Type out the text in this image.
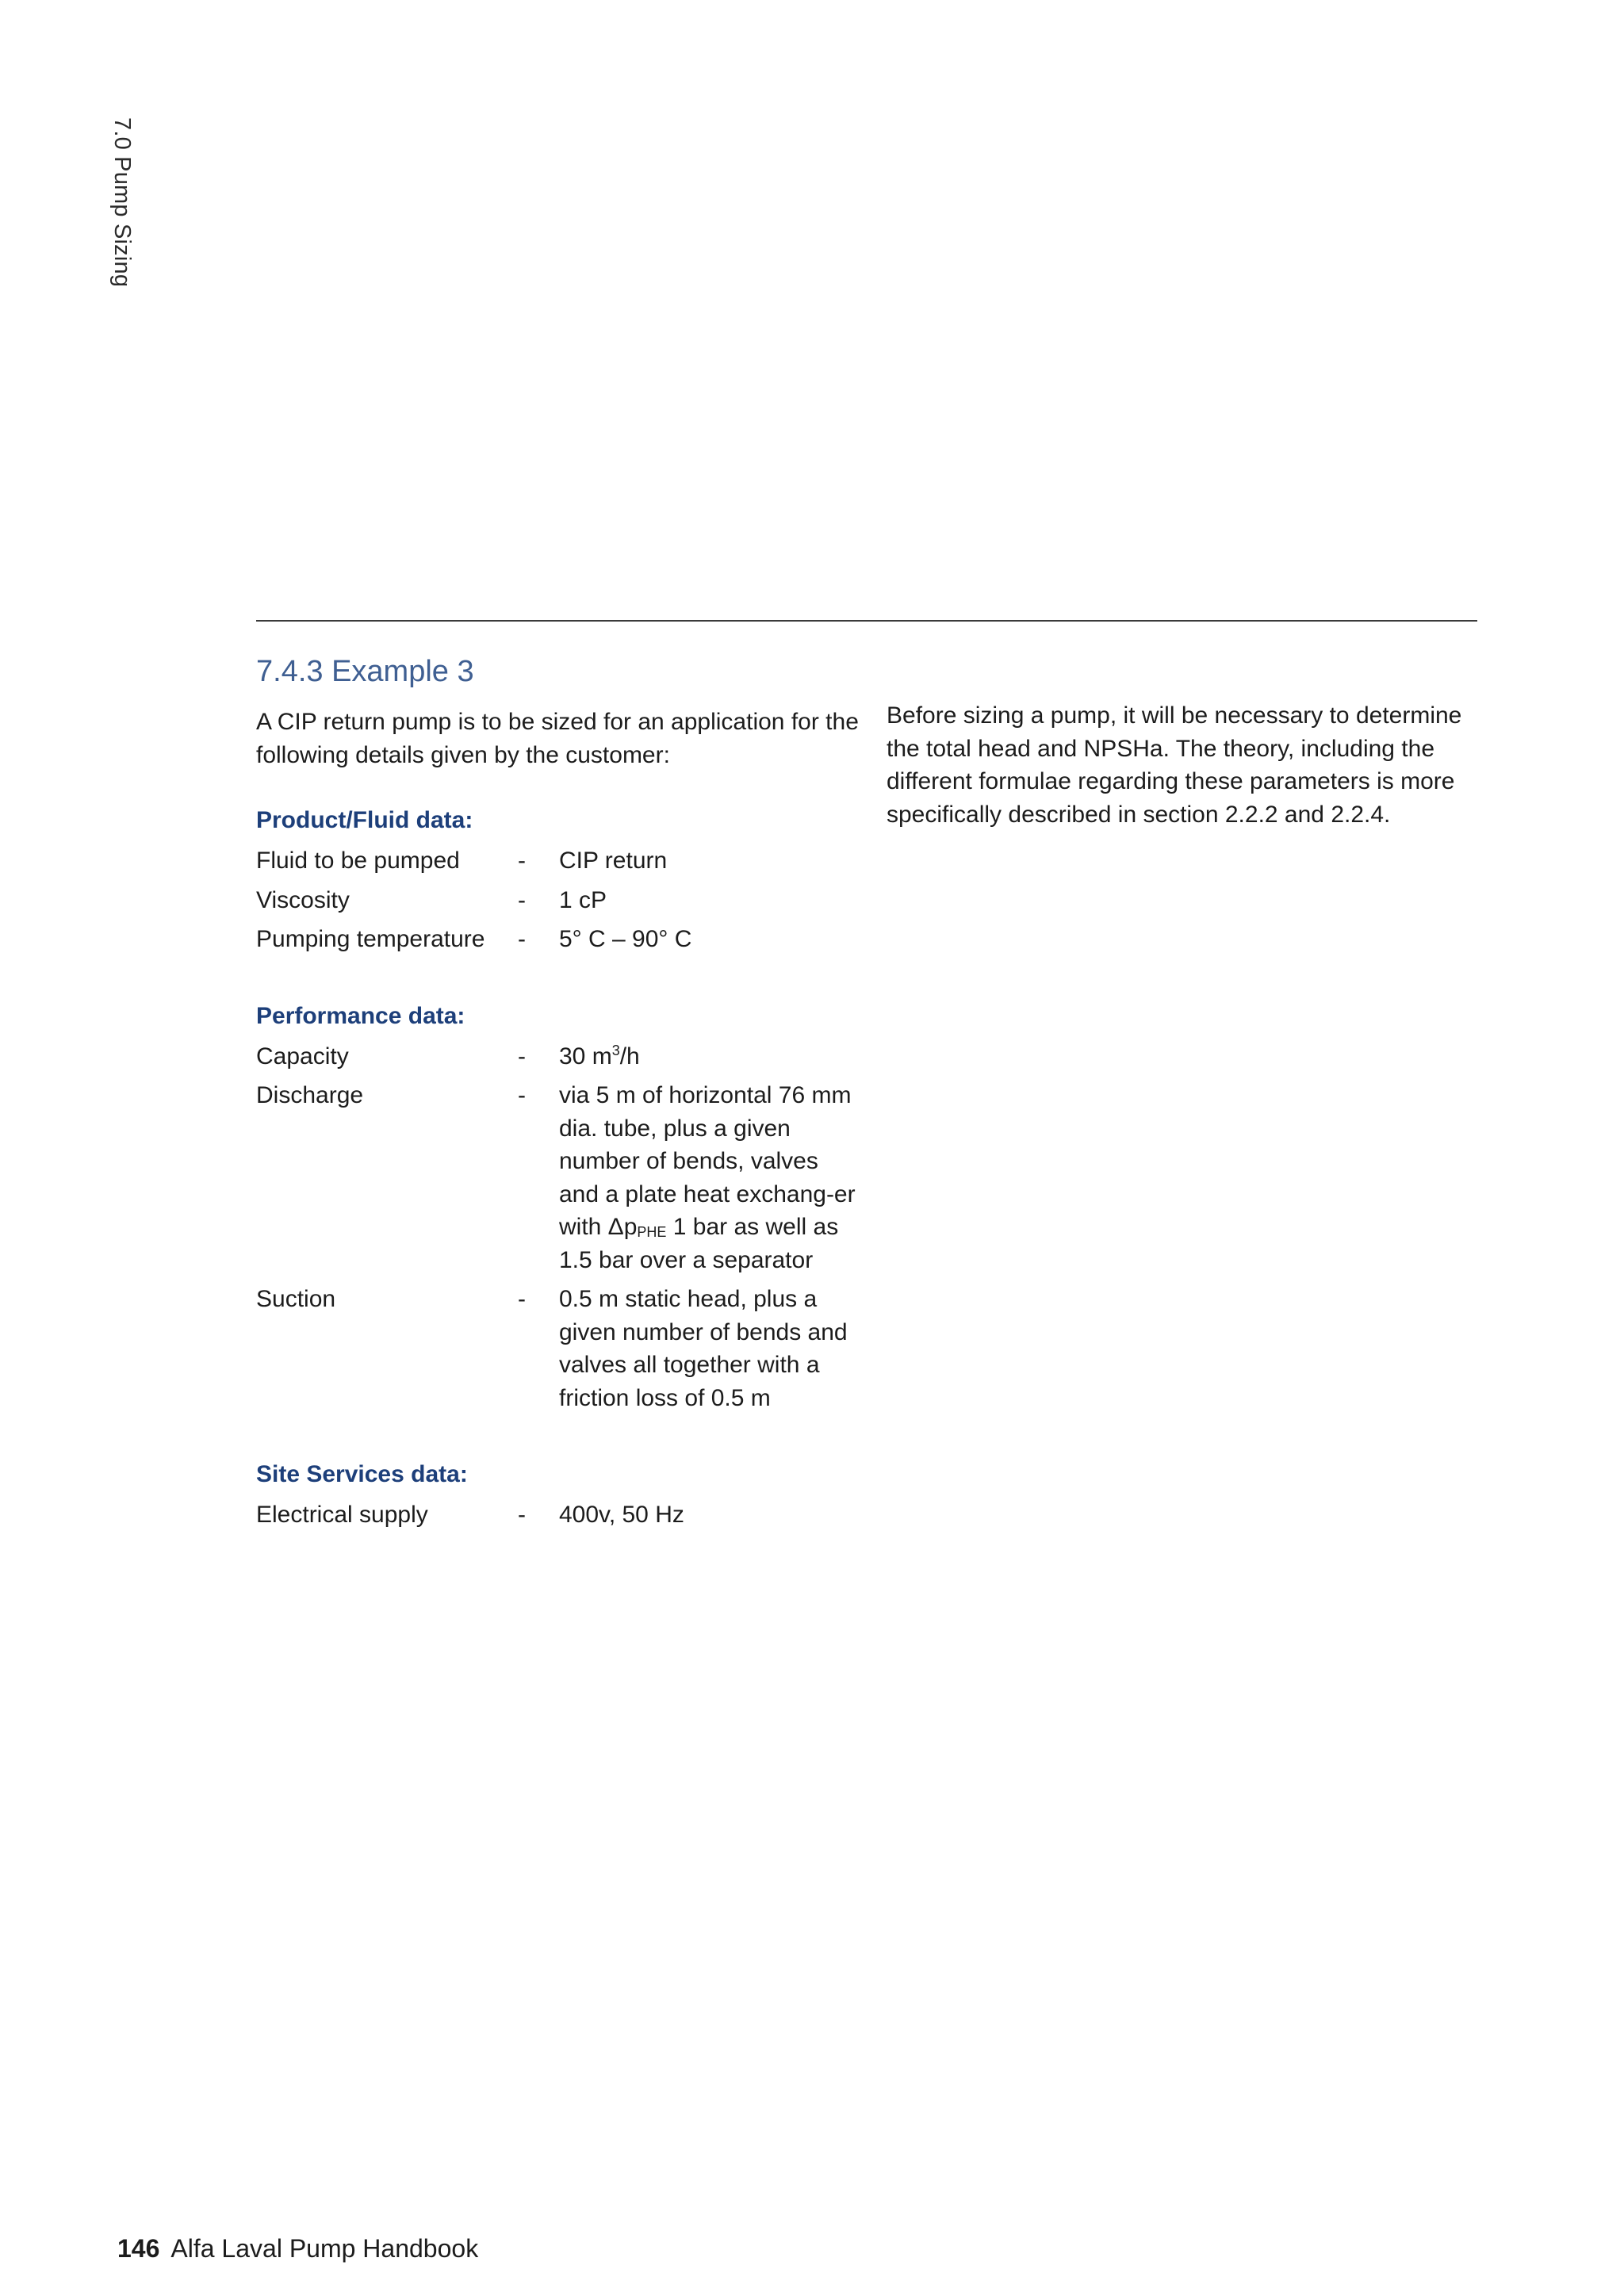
7.0 Pump Sizing
7.4.3 Example 3

A CIP return pump is to be sized for an application for the following details given by the customer:

Product/Fluid data:

Fluid to be pumped	-	CIP return
Viscosity	-	1 cP
Pumping temperature	-	5° C – 90° C

Performance data:

Capacity	-	30 $m^3/h$
Discharge	-	via 5 m of horizontal 76 mm dia. tube, plus a given number of bends, valves and a plate heat exchang-er with $\Delta p_{PHE}$ 1 bar as well as 1.5 bar over a separator
Suction	-	0.5 m static head, plus a given number of bends and valves all together with a friction loss of 0.5 m

Site Services data:

Electrical supply	-	400v, 50 Hz

Before sizing a pump, it will be necessary to determine the total head and NPSHa. The theory, including the different formulae regarding these parameters is more specifically described in section 2.2.2 and 2.2.4.

146 Alfa Laval Pump Handbook
